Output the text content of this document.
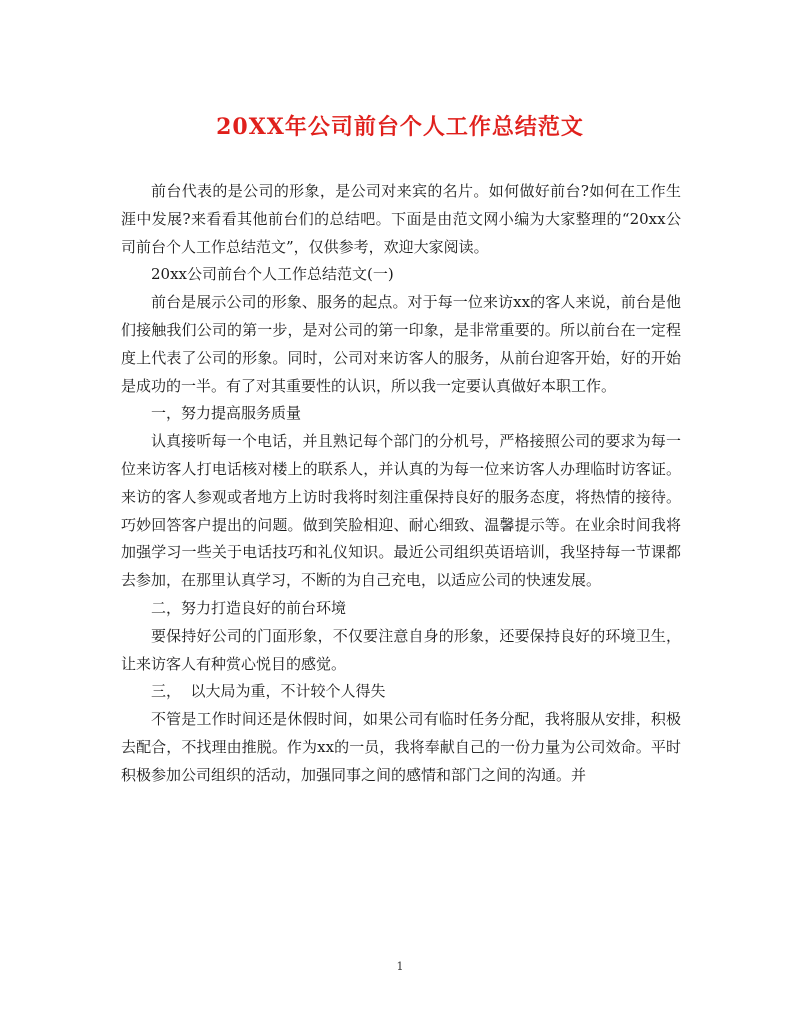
20XX年公司前台个人工作总结范文

前台代表的是公司的形象，是公司对来宾的名片。如何做好前台?如何在工作生涯中发展?来看看其他前台们的总结吧。下面是由范文网小编为大家整理的“20xx公司前台个人工作总结范文”，仅供参考，欢迎大家阅读。

20xx公司前台个人工作总结范文(一)

前台是展示公司的形象、服务的起点。对于每一位来访xx的客人来说，前台是他们接触我们公司的第一步，是对公司的第一印象，是非常重要的。所以前台在一定程度上代表了公司的形象。同时，公司对来访客人的服务，从前台迎客开始，好的开始是成功的一半。有了对其重要性的认识，所以我一定要认真做好本职工作。

一，努力提高服务质量

认真接听每一个电话，并且熟记每个部门的分机号，严格接照公司的要求为每一位来访客人打电话核对楼上的联系人，并认真的为每一位来访客人办理临时访客证。来访的客人参观或者地方上访时我将时刻注重保持良好的服务态度，将热情的接待。巧妙回答客户提出的问题。做到笑脸相迎、耐心细致、温馨提示等。在业余时间我将加强学习一些关于电话技巧和礼仪知识。最近公司组织英语培训，我坚持每一节课都去参加，在那里认真学习，不断的为自己充电，以适应公司的快速发展。

二，努力打造良好的前台环境

要保持好公司的门面形象，不仅要注意自身的形象，还要保持良好的环境卫生，让来访客人有种赏心悦目的感觉。

三，  以大局为重，不计较个人得失

不管是工作时间还是休假时间，如果公司有临时任务分配，我将服从安排，积极去配合，不找理由推脱。作为xx的一员，我将奉献自己的一份力量为公司效命。平时积极参加公司组织的活动，加强同事之间的感情和部门之间的沟通。并

1
